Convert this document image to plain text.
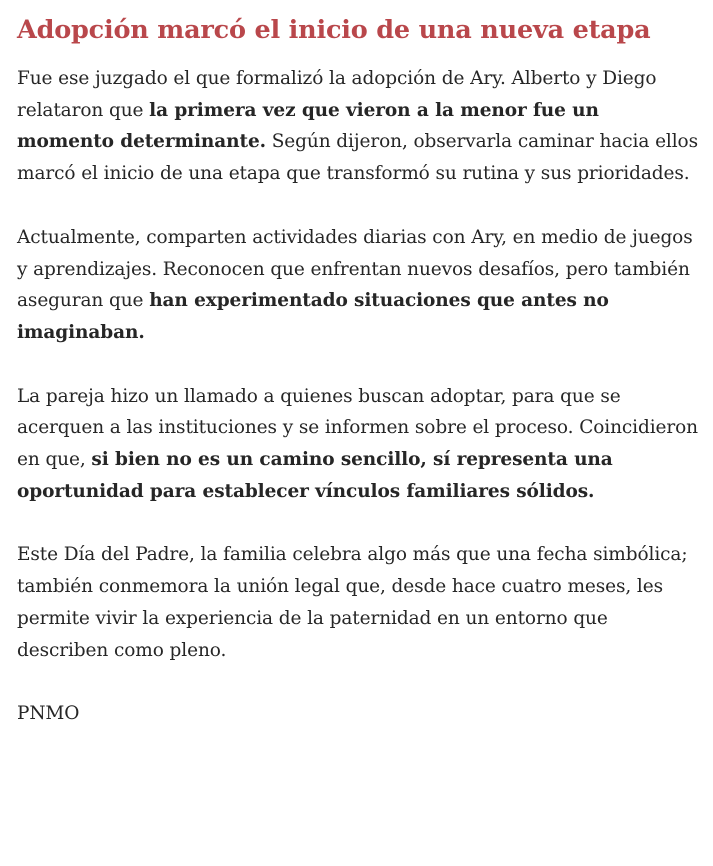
Adopción marcó el inicio de una nueva etapa

Fue ese juzgado el que formalizó la adopción de Ary. Alberto y Diego relataron que la primera vez que vieron a la menor fue un momento determinante. Según dijeron, observarla caminar hacia ellos marcó el inicio de una etapa que transformó su rutina y sus prioridades.

Actualmente, comparten actividades diarias con Ary, en medio de juegos y aprendizajes. Reconocen que enfrentan nuevos desafíos, pero también aseguran que han experimentado situaciones que antes no imaginaban.

La pareja hizo un llamado a quienes buscan adoptar, para que se acerquen a las instituciones y se informen sobre el proceso. Coincidieron en que, si bien no es un camino sencillo, sí representa una oportunidad para establecer vínculos familiares sólidos.

Este Día del Padre, la familia celebra algo más que una fecha simbólica; también conmemora la unión legal que, desde hace cuatro meses, les permite vivir la experiencia de la paternidad en un entorno que describen como pleno.

PNMO
